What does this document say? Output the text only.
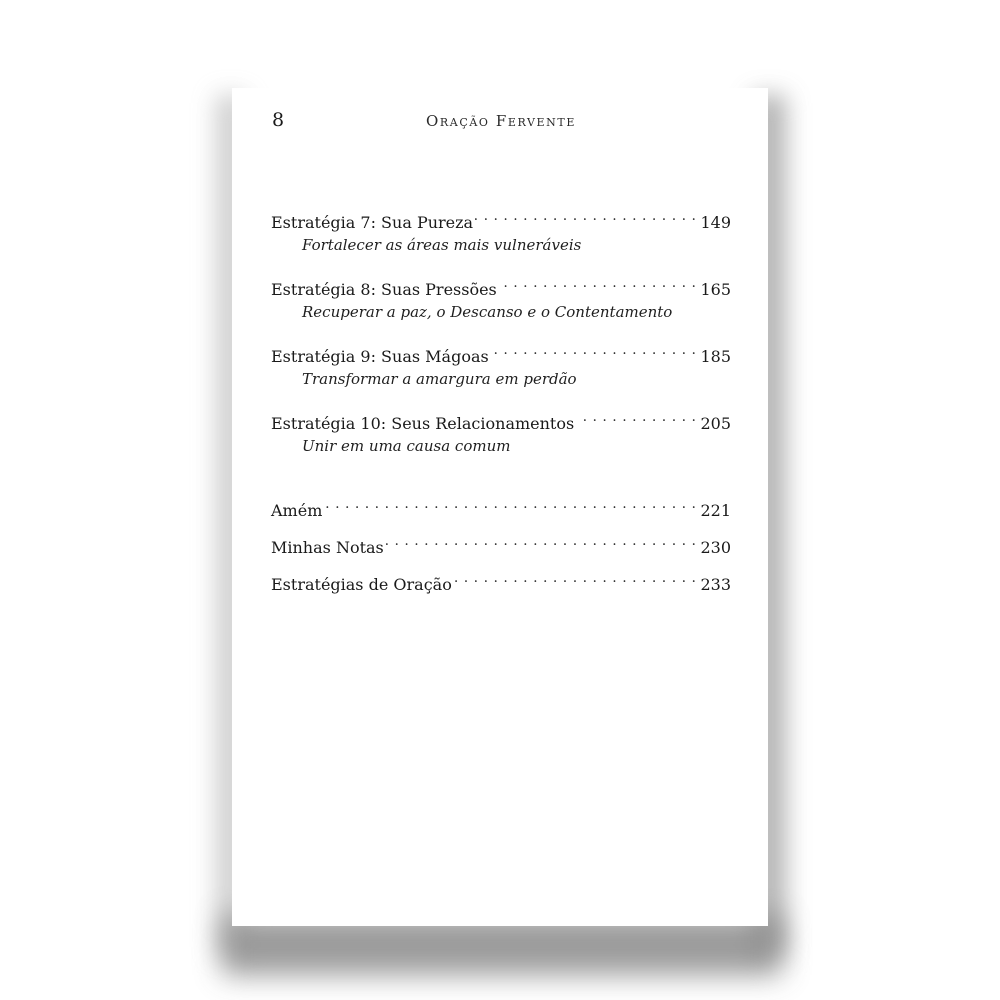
8	Oração Fervente
Estratégia 7: Sua Pureza . . .	149
Fortalecer as áreas mais vulneráveis
Estratégia 8: Suas Pressões . . .	165
Recuperar a paz, o Descanso e o Contentamento
Estratégia 9: Suas Mágoas . . .	185
Transformar a amargura em perdão
Estratégia 10: Seus Relacionamentos . . .	205
Unir em uma causa comum
Amém . . .	221
Minhas Notas . . .	230
Estratégias de Oração . . .	233
